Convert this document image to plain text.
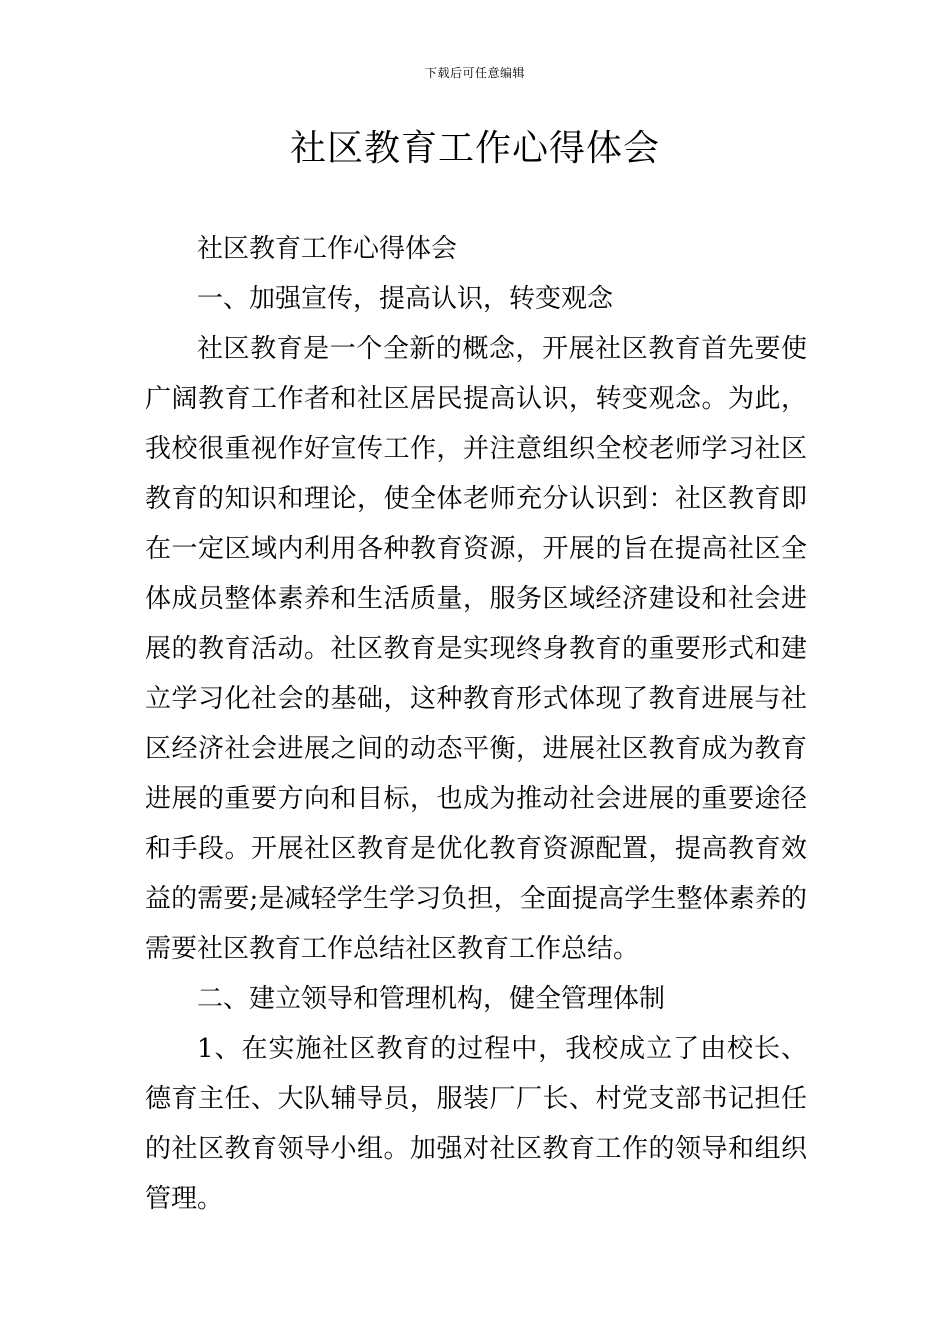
下载后可任意编辑
社区教育工作心得体会

社区教育工作心得体会

一、加强宣传，提高认识，转变观念

社区教育是一个全新的概念，开展社区教育首先要使广阔教育工作者和社区居民提高认识，转变观念。为此，我校很重视作好宣传工作，并注意组织全校老师学习社区教育的知识和理论，使全体老师充分认识到：社区教育即在一定区域内利用各种教育资源，开展的旨在提高社区全体成员整体素养和生活质量，服务区域经济建设和社会进展的教育活动。社区教育是实现终身教育的重要形式和建立学习化社会的基础，这种教育形式体现了教育进展与社区经济社会进展之间的动态平衡，进展社区教育成为教育进展的重要方向和目标，也成为推动社会进展的重要途径和手段。开展社区教育是优化教育资源配置，提高教育效益的需要;是减轻学生学习负担，全面提高学生整体素养的需要社区教育工作总结社区教育工作总结。

二、建立领导和管理机构，健全管理体制

1、在实施社区教育的过程中，我校成立了由校长、德育主任、大队辅导员，服装厂厂长、村党支部书记担任的社区教育领导小组。加强对社区教育工作的领导和组织管理。
